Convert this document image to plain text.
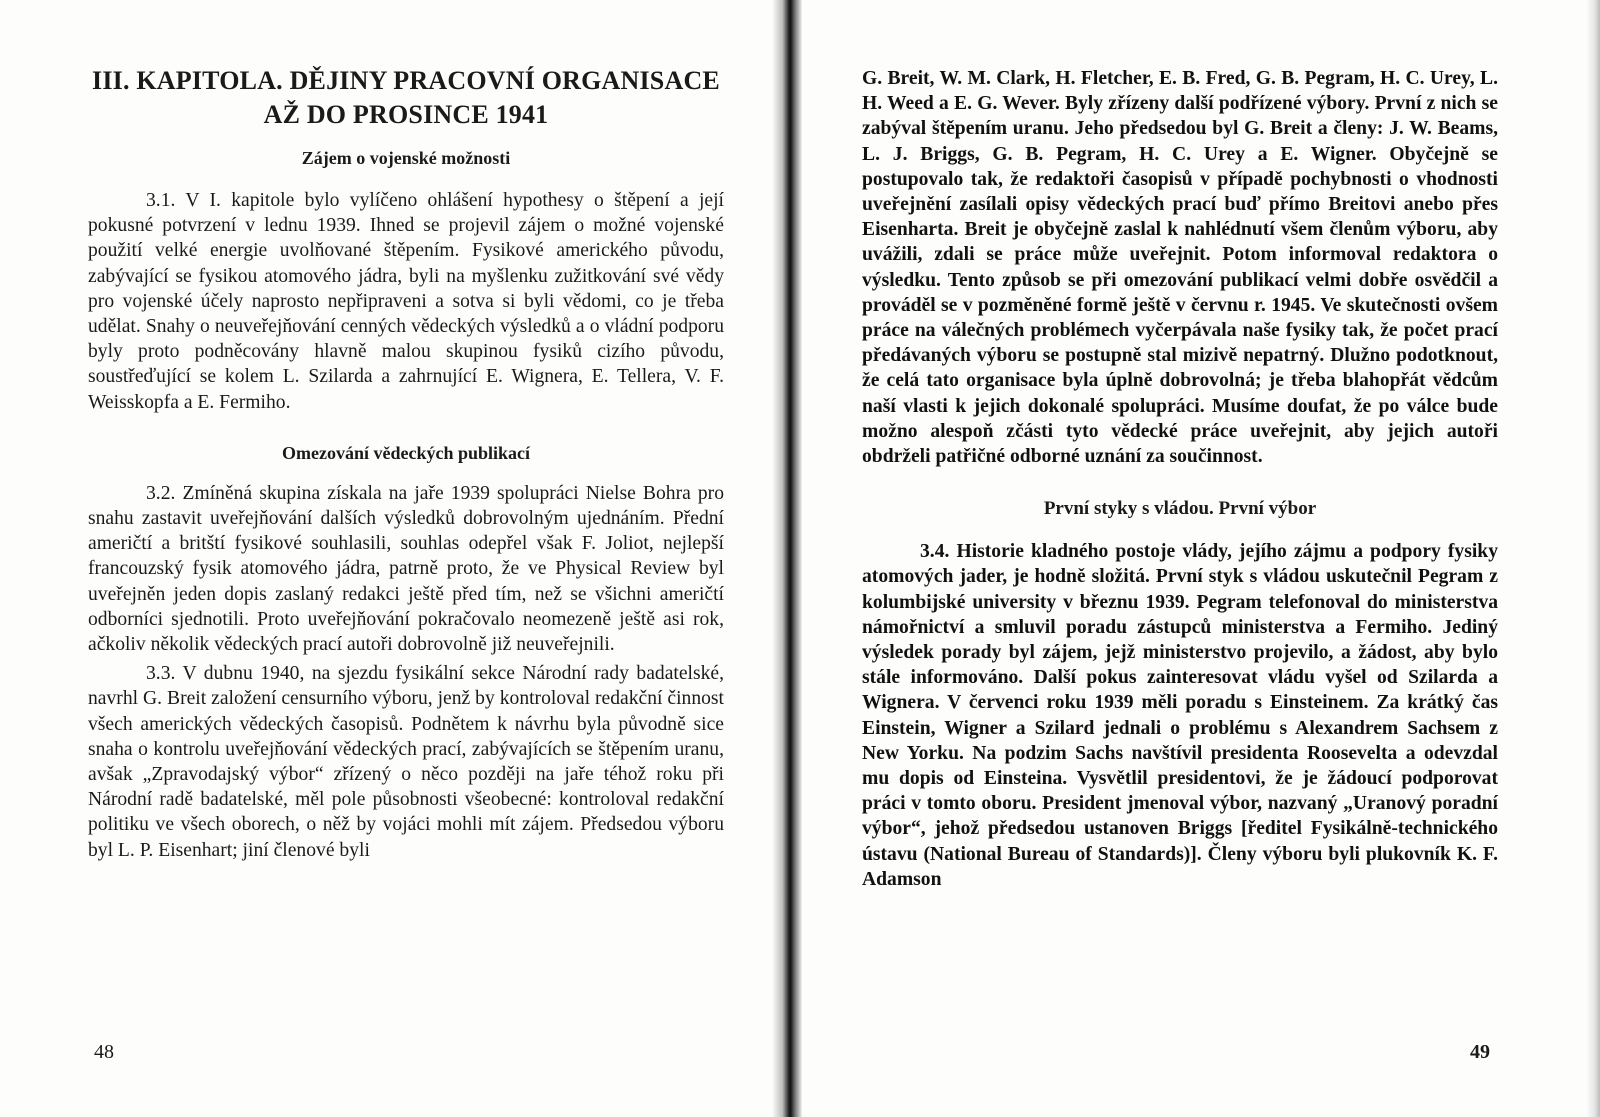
III. KAPITOLA. DĚJINY PRACOVNÍ ORGANISACE
AŽ DO PROSINCE 1941
Zájem o vojenské možnosti

3.1. V I. kapitole bylo vylíčeno ohlášení hypothesy o štěpení a její pokusné potvrzení v lednu 1939. Ihned se projevil zájem o možné vojenské použití velké energie uvolňované štěpením. Fysikové amerického původu, zabývající se fysikou atomového jádra, byli na myšlenku zužitkování své vědy pro vojenské účely naprosto nepřipraveni a sotva si byli vědomi, co je třeba udělat. Snahy o neuveřejňování cenných vědeckých výsledků a o vládní podporu byly proto podněcovány hlavně malou skupinou fysiků cizího původu, soustřeďující se kolem L. Szilarda a zahrnující E. Wignera, E. Tellera, V. F. Weisskopfa a E. Fermiho.

Omezování vědeckých publikací

3.2. Zmíněná skupina získala na jaře 1939 spolupráci Nielse Bohra pro snahu zastavit uveřejňování dalších výsledků dobrovolným ujednáním. Přední američtí a britští fysikové souhlasili, souhlas odepřel však F. Joliot, nejlepší francouzský fysik atomového jádra, patrně proto, že ve Physical Review byl uveřejněn jeden dopis zaslaný redakci ještě před tím, než se všichni američtí odborníci sjednotili. Proto uveřejňování pokračovalo neomezeně ještě asi rok, ačkoliv několik vědeckých prací autoři dobrovolně již neuveřejnili.

3.3. V dubnu 1940, na sjezdu fysikální sekce Národní rady badatelské, navrhl G. Breit založení censurního výboru, jenž by kontroloval redakční činnost všech amerických vědeckých časopisů. Podnětem k návrhu byla původně sice snaha o kontrolu uveřejňování vědeckých prací, zabývajících se štěpením uranu, avšak „Zpravodajský výbor“ zřízený o něco později na jaře téhož roku při Národní radě badatelské, měl pole působnosti všeobecné: kontroloval redakční politiku ve všech oborech, o něž by vojáci mohli mít zájem. Předsedou výboru byl L. P. Eisenhart; jiní členové byli

48

G. Breit, W. M. Clark, H. Fletcher, E. B. Fred, G. B. Pegram, H. C. Urey, L. H. Weed a E. G. Wever. Byly zřízeny další podřízené výbory. První z nich se zabýval štěpením uranu. Jeho předsedou byl G. Breit a členy: J. W. Beams, L. J. Briggs, G. B. Pegram, H. C. Urey a E. Wigner. Obyčejně se postupovalo tak, že redaktoři časopisů v případě pochybnosti o vhodnosti uveřejnění zasílali opisy vědeckých prací buď přímo Breitovi anebo přes Eisenharta. Breit je obyčejně zaslal k nahlédnutí všem členům výboru, aby uvážili, zdali se práce může uveřejnit. Potom informoval redaktora o výsledku. Tento způsob se při omezování publikací velmi dobře osvědčil a prováděl se v pozměněné formě ještě v červnu r. 1945. Ve skutečnosti ovšem práce na válečných problémech vyčerpávala naše fysiky tak, že počet prací předávaných výboru se postupně stal mizivě nepatrný. Dlužno podotknout, že celá tato organisace byla úplně dobrovolná; je třeba blahopřát vědcům naší vlasti k jejich dokonalé spolupráci. Musíme doufat, že po válce bude možno alespoň zčásti tyto vědecké práce uveřejnit, aby jejich autoři obdrželi patřičné odborné uznání za součinnost.

První styky s vládou. První výbor

3.4. Historie kladného postoje vlády, jejího zájmu a podpory fysiky atomových jader, je hodně složitá. První styk s vládou uskutečnil Pegram z kolumbijské university v březnu 1939. Pegram telefonoval do ministerstva námořnictví a smluvil poradu zástupců ministerstva a Fermiho. Jediný výsledek porady byl zájem, jejž ministerstvo projevilo, a žádost, aby bylo stále informováno. Další pokus zainteresovat vládu vyšel od Szilarda a Wignera. V červenci roku 1939 měli poradu s Einsteinem. Za krátký čas Einstein, Wigner a Szilard jednali o problému s Alexandrem Sachsem z New Yorku. Na podzim Sachs navštívil presidenta Roosevelta a odevzdal mu dopis od Einsteina. Vysvětlil presidentovi, že je žádoucí podporovat práci v tomto oboru. President jmenoval výbor, nazvaný „Uranový poradní výbor“, jehož předsedou ustanoven Briggs [ředitel Fysikálně-technického ústavu (National Bureau of Standards)]. Členy výboru byli plukovník K. F. Adamson

49
